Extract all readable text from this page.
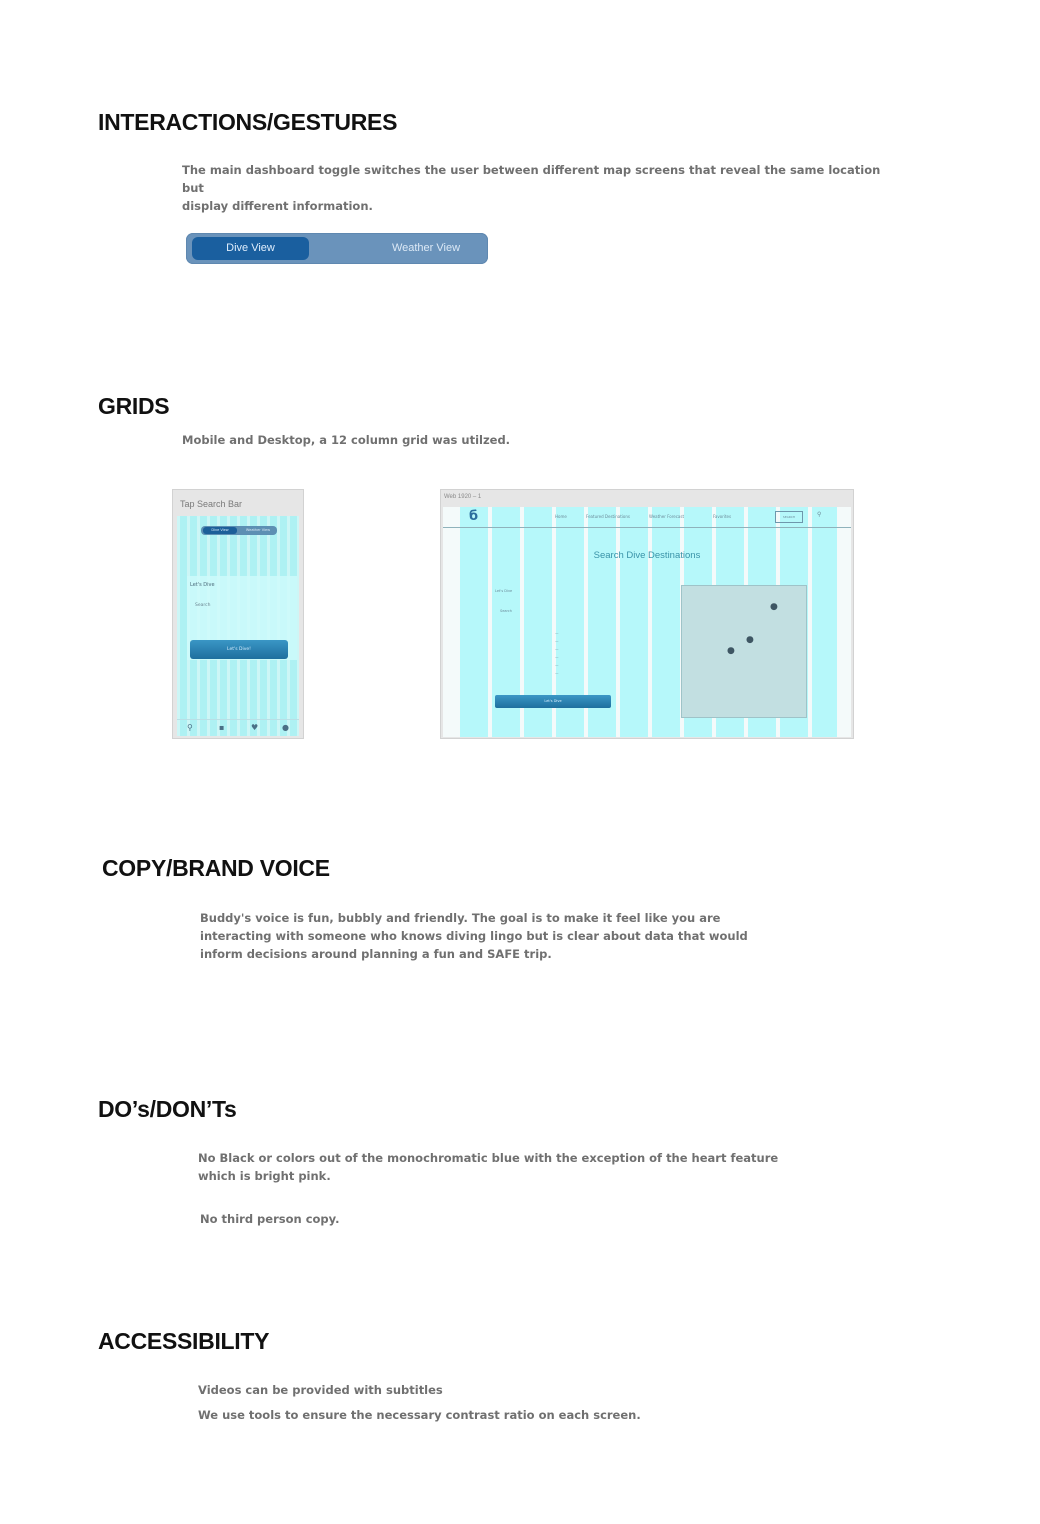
INTERACTIONS/GESTURES

The main dashboard toggle switches the user between different map screens that reveal the same location but
display different information.

Dive View	Weather View
GRIDS

Mobile and Desktop, a 12 column grid was utilzed.

Tap Search Bar
Dive View	Weather View
Let's Dive
Search
Let's Dive!
⚲	▪	♥	●
Web 1920 – 1
б	Home	Featured Destinations	Weather Forecast	Favorites	SEARCH	⚲
Search Dive Destinations
Let's Dive
Search
—
—
—
—
—
—
Let's Dive
●
●
●
COPY/BRAND VOICE

Buddy's voice is fun, bubbly and friendly. The goal is to make it feel like you are
interacting with someone who knows diving lingo but is clear about data that would
inform decisions around planning a fun and SAFE trip.

DO’s/DON’Ts

No Black or colors out of the monochromatic blue with the exception of the heart feature
which is bright pink.

No third person copy.

ACCESSIBILITY

Videos can be provided with subtitles

We use tools to ensure the necessary contrast ratio on each screen.
